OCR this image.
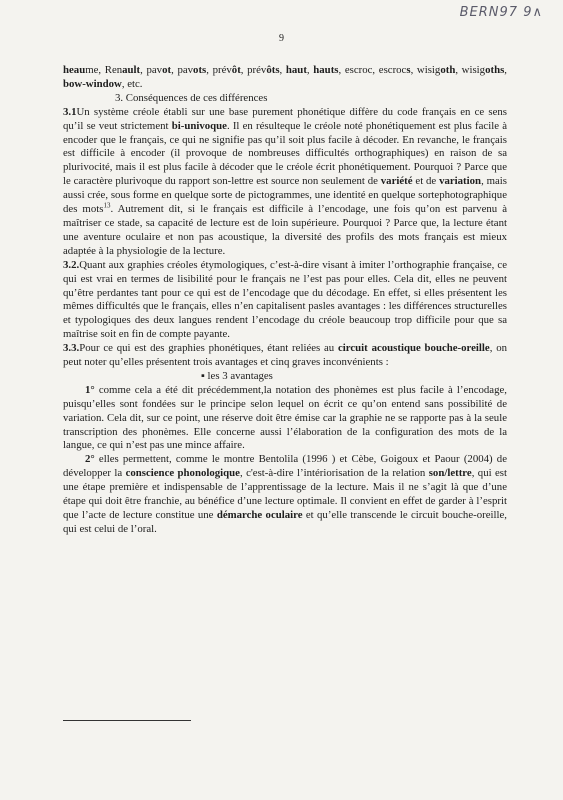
BERN97 9∧
9

heaume, Renault, pavot, pavots, prévôt, prévôts, haut, hauts, escroc, escrocs, wisigoth, wisigoths, bow-window, etc.

3. Conséquences de ces différences

3.1Un système créole établi sur une base purement phonétique diffère du code français en ce sens qu’il se veut strictement bi-univoque. Il en résulteque le créole noté phonétiquement est plus facile à encoder que le français, ce qui ne signifie pas qu’il soit plus facile à décoder. En revanche, le français est difficile à encoder (il provoque de nombreuses difficultés orthographiques) en raison de sa plurivocité, mais il est plus facile à décoder que le créole écrit phonétiquement. Pourquoi ? Parce que le caractère plurivoque du rapport son-lettre est source non seulement de variété et de variation, mais aussi crée, sous forme en quelque sorte de pictogrammes, une identité en quelque sortephotographique des mots$^{13}$. Autrement dit, si le français est difficile à l’encodage, une fois qu’on est parvenu à maîtriser ce stade, sa capacité de lecture est de loin supérieure. Pourquoi ? Parce que, la lecture étant une aventure oculaire et non pas acoustique, la diversité des profils des mots français est mieux adaptée à la physiologie de la lecture.

3.2.Quant aux graphies créoles étymologiques, c’est-à-dire visant à imiter l’orthographie française, ce qui est vrai en termes de lisibilité pour le français ne l’est pas pour elles. Cela dit, elles ne peuvent qu’être perdantes tant pour ce qui est de l’encodage que du décodage. En effet, si elles présentent les mêmes difficultés que le français, elles n’en capitalisent pasles avantages : les différences structurelles et typologiques des deux langues rendent l’encodage du créole beaucoup trop difficile pour que sa maîtrise soit en fin de compte payante.

3.3.Pour ce qui est des graphies phonétiques, étant reliées au circuit acoustique bouche-oreille, on peut noter qu’elles présentent trois avantages et cinq graves inconvénients :

▪ les 3 avantages

1° comme cela a été dit précédemment,la notation des phonèmes est plus facile à l’encodage, puisqu’elles sont fondées sur le principe selon lequel on écrit ce qu’on entend sans possibilité de variation. Cela dit, sur ce point, une réserve doit être émise car la graphie ne se rapporte pas à la seule transcription des phonèmes. Elle concerne aussi l’élaboration de la configuration des mots de la langue, ce qui n’est pas une mince affaire.

2° elles permettent, comme le montre Bentolila (1996 ) et Cèbe, Goigoux et Paour (2004) de développer la conscience phonologique, c'est-à-dire l’intériorisation de la relation son/lettre, qui est une étape première et indispensable de l’apprentissage de la lecture. Mais il ne s’agit là que d’une étape qui doit être franchie, au bénéfice d’une lecture optimale. Il convient en effet de garder à l’esprit que l’acte de lecture constitue une démarche oculaire et qu’elle transcende le circuit bouche-oreille, qui est celui de l’oral.
